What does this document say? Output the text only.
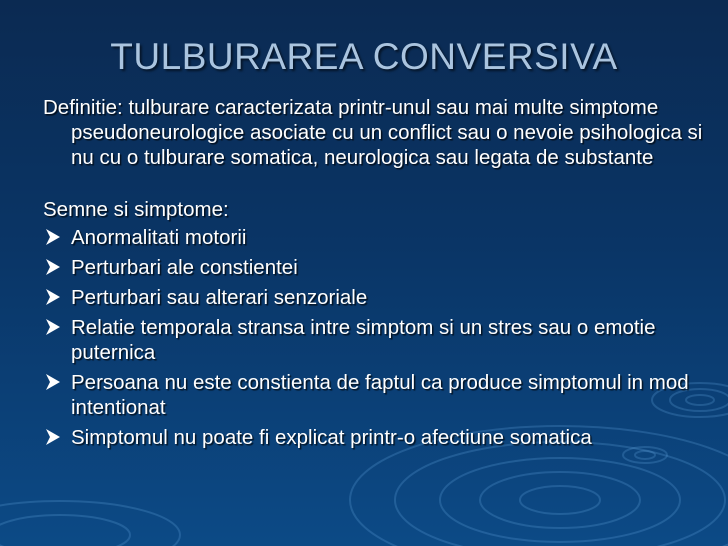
TULBURAREA CONVERSIVA

Definitie: tulburare caracterizata printr-unul sau mai multe simptome pseudoneurologice asociate cu un conflict sau o nevoie psihologica si nu cu o tulburare somatica, neurologica sau legata de substante

Semne si simptome:

Anormalitati motorii
Perturbari ale constientei
Perturbari sau alterari senzoriale
Relatie temporala stransa intre simptom si un stres sau o emotie puternica
Persoana nu este constienta de faptul ca produce simptomul in mod intentionat
Simptomul nu poate fi explicat printr-o afectiune somatica
